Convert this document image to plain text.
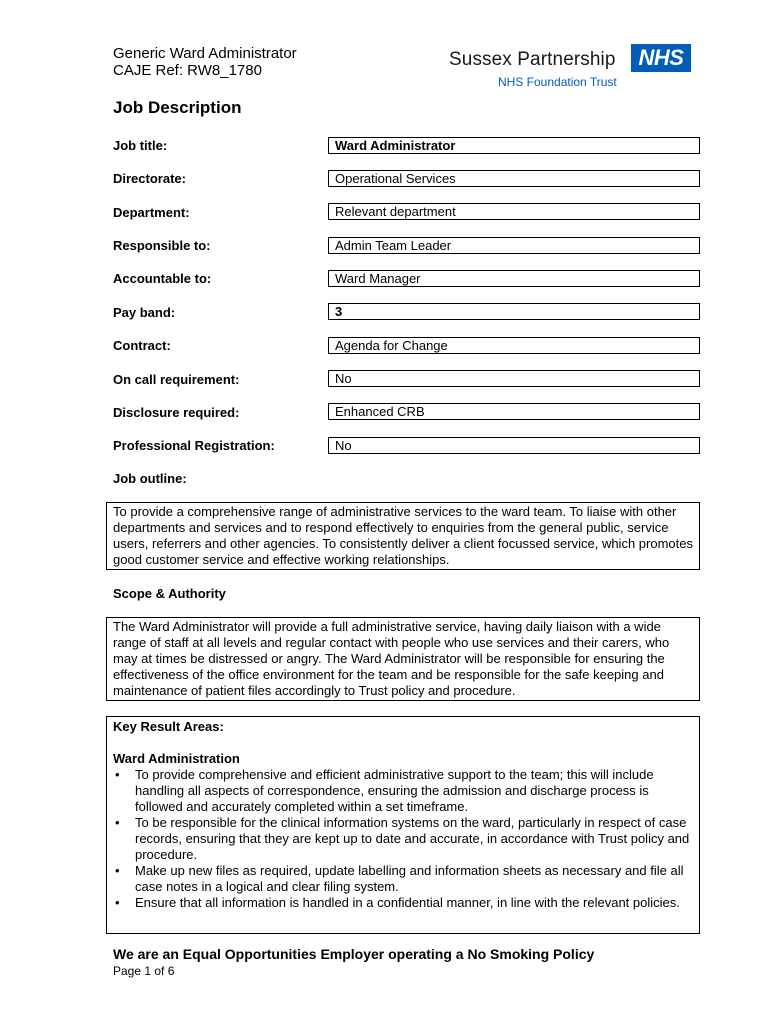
Generic Ward Administrator
CAJE Ref: RW8_1780
Sussex Partnership	NHS
NHS Foundation Trust
Job Description
Job title:	Ward Administrator
Directorate:	Operational Services
Department:	Relevant department
Responsible to:	Admin Team Leader
Accountable to:	Ward Manager
Pay band:	3
Contract:	Agenda for Change
On call requirement:	No
Disclosure required:	Enhanced CRB
Professional Registration:	No
Job outline:
To provide a comprehensive range of administrative services to the ward team. To liaise with other departments and services and to respond effectively to enquiries from the general public, service users, referrers and other agencies. To consistently deliver a client focussed service, which promotes good customer service and effective working relationships.
Scope & Authority
The Ward Administrator will provide a full administrative service, having daily liaison with a wide range of staff at all levels and regular contact with people who use services and their carers, who may at times be distressed or angry. The Ward Administrator will be responsible for ensuring the effectiveness of the office environment for the team and be responsible for the safe keeping and maintenance of patient files accordingly to Trust policy and procedure.
Key Result Areas:
Ward Administration
• To provide comprehensive and efficient administrative support to the team; this will include handling all aspects of correspondence, ensuring the admission and discharge process is followed and accurately completed within a set timeframe.
• To be responsible for the clinical information systems on the ward, particularly in respect of case records, ensuring that they are kept up to date and accurate, in accordance with Trust policy and procedure.
• Make up new files as required, update labelling and information sheets as necessary and file all case notes in a logical and clear filing system.
• Ensure that all information is handled in a confidential manner, in line with the relevant policies.
We are an Equal Opportunities Employer operating a No Smoking Policy
Page 1 of 6
